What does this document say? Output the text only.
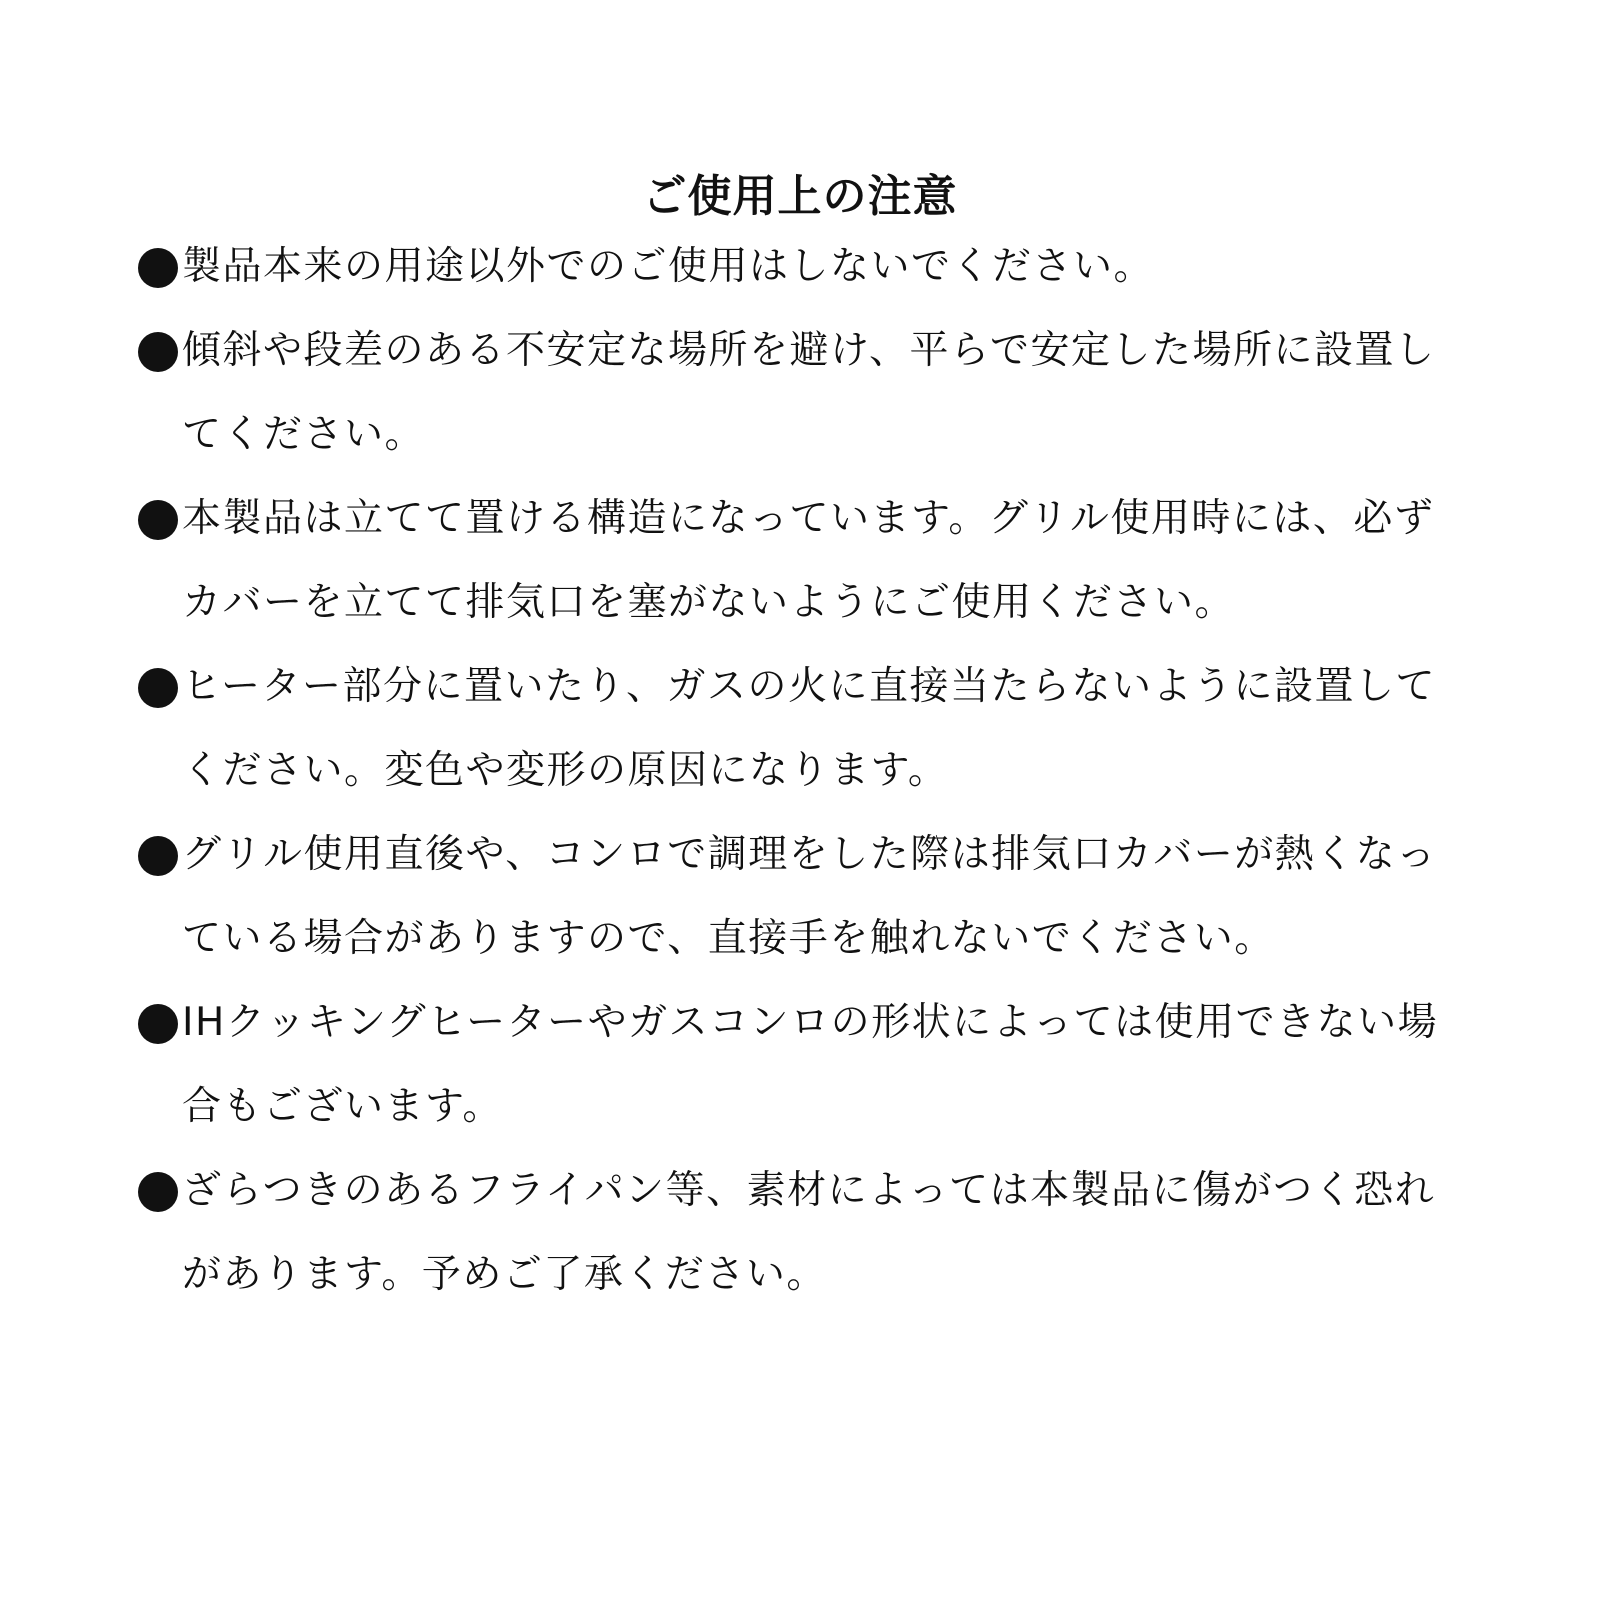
ご使用上の注意
製品本来の用途以外でのご使用はしないでください。
傾斜や段差のある不安定な場所を避け、平らで安定した場所に設置してください。
本製品は立てて置ける構造になっています。グリル使用時には、必ずカバーを立てて排気口を塞がないようにご使用ください。
ヒーター部分に置いたり、ガスの火に直接当たらないように設置してください。変色や変形の原因になります。
グリル使用直後や、コンロで調理をした際は排気口カバーが熱くなっている場合がありますので、直接手を触れないでください。
IHクッキングヒーターやガスコンロの形状によっては使用できない場合もございます。
ざらつきのあるフライパン等、素材によっては本製品に傷がつく恐れがあります。予めご了承ください。
